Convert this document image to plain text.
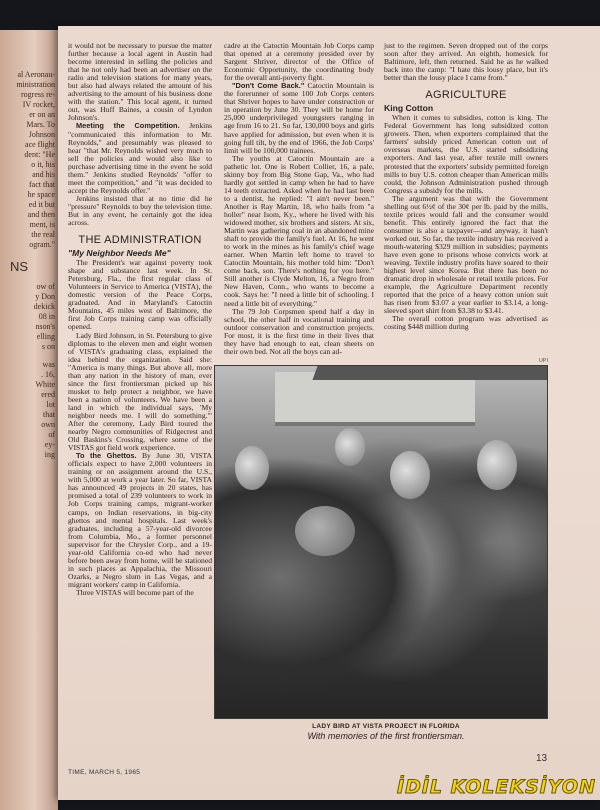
al Aeronau-
ministration
rogress re-
IV rocket,
er on an
Mars. To
Johnson
ace flight
dent: "He
o it, his
and his
fact that
he space
ed it but
and then
ment, is
the real
ogram."
NS
ow of
y Don
dekick
08 in
nson's
elling
s on
was
. 16,
White
ered
lot
that
own
of
ey-
ing

it would not be necessary to pursue the matter further because a local agent in Austin had become interested in selling the policies and that he not only had been an advertiser on the radio and television stations for many years, but also had always related the amount of his advertising to the amount of his business done with the station." This local agent, it turned out, was Huff Baines, a cousin of Lyndon Johnson's.

Meeting the Competition. Jenkins "communicated this information to Mr. Reynolds," and presumably was pleased to hear "that Mr. Reynolds wished very much to sell the policies and would also like to purchase advertising time in the event he sold them." Jenkins studied Reynolds' "offer to meet the competition," and "it was decided to accept the Reynolds offer."

Jenkins insisted that at no time did he "pressure" Reynolds to buy the television time. But in any event, he certainly got the idea across.

THE ADMINISTRATION
"My Neighbor Needs Me"

The President's war against poverty took shape and substance last week. In St. Petersburg, Fla., the first regular class of Volunteers in Service to America (VISTA), the domestic version of the Peace Corps, graduated. And in Maryland's Catoctin Mountains, 45 miles west of Baltimore, the first Job Corps training camp was officially opened.

Lady Bird Johnson, in St. Petersburg to give diplomas to the eleven men and eight women of VISTA's graduating class, explained the idea behind the organization. Said she: "America is many things. But above all, more than any nation in the history of man, ever since the first frontiersman picked up his musket to help protect a neighbor, we have been a nation of volunteers. We have been a land in which the individual says, 'My neighbor needs me. I will do something.'" After the ceremony, Lady Bird toured the nearby Negro communities of Ridgecrest and Old Baskins's Crossing, where some of the VISTAS got field work experience.

To the Ghettos. By June 30, VISTA officials expect to have 2,000 volunteers in training or on assignment around the U.S., with 5,000 at work a year later. So far, VISTA has announced 49 projects in 20 states, has promised a total of 239 volunteers to work in Job Corps training camps, migrant-worker camps, on Indian reservations, in big-city ghettos and mental hospitals. Last week's graduates, including a 57-year-old divorcee from Columbia, Mo., a former personnel supervisor for the Chrysler Corp., and a 19-year-old California co-ed who had never before been away from home, will be stationed in such places as Appalachia, the Missouri Ozarks, a Negro slum in Las Vegas, and a migrant workers' camp in California.

Three VISTAS will become part of the

TIME, MARCH 5, 1965

cadre at the Catoctin Mountain Job Corps camp that opened at a ceremony presided over by Sargent Shriver, director of the Office of Economic Opportunity, the coordinating body for the overall anti-poverty fight.

"Don't Come Back." Catoctin Mountain is the forerunner of some 100 Job Corps centers that Shriver hopes to have under construction or in operation by June 30. They will be home for 25,000 underprivileged youngsters ranging in age from 16 to 21. So far, 130,000 boys and girls have applied for admission, but even when it is going full tilt, by the end of 1966, the Job Corps' limit will be 100,000 trainees.

The youths at Catoctin Mountain are a pathetic lot. One is Robert Collier, 16, a pale, skinny boy from Big Stone Gap, Va., who had hardly got settled in camp when he had to have 14 teeth extracted. Asked when he had last been to a dentist, he replied: "I ain't never been." Another is Ray Martin, 18, who hails from "a holler" near Isom, Ky., where he lived with his widowed mother, six brothers and sisters. At six, Martin was gathering coal in an abandoned mine shaft to provide the family's fuel. At 16, he went to work in the mines as his family's chief wage earner. When Martin left home to travel to Catoctin Mountain, his mother told him: "Don't come back, son. There's nothing for you here." Still another is Clyde Melton, 16, a Negro from New Haven, Conn., who wants to become a cook. Says he: "I need a little bit of schooling. I need a little bit of everything."

The 79 Job Corpsmen spend half a day in school, the other half in vocational training and outdoor conservation and construction projects. For most, it is the first time in their lives that they have had enough to eat, clean sheets on their own bed. Not all the boys can ad-

just to the regimen. Seven dropped out of the corps soon after they arrived. An eighth, homesick for Baltimore, left, then returned. Said he as he walked back into the camp: "I hate this lousy place, but it's better than the lousy place I came from."

AGRICULTURE
King Cotton

When it comes to subsidies, cotton is king. The Federal Government has long subsidized cotton growers. Then, when exporters complained that the farmers' subsidy priced American cotton out of overseas markets, the U.S. started subsidizing exporters. And last year, after textile mill owners protested that the exporters' subsidy permitted foreign mills to buy U.S. cotton cheaper than American mills could, the Johnson Administration pushed through Congress a subsidy for the mills.

The argument was that with the Government shelling out 6½¢ of the 30¢ per lb. paid by the mills, textile prices would fall and the consumer would benefit. This entirely ignored the fact that the consumer is also a taxpayer—and anyway, it hasn't worked out. So far, the textile industry has received a mouth-watering $329 million in subsidies; payments have even gone to prisons whose convicts work at weaving. Textile industry profits have soared to their highest level since Korea. But there has been no dramatic drop in wholesale or retail textile prices. For example, the Agriculture Department recently reported that the price of a heavy cotton union suit has risen from $3.07 a year earlier to $3.14, a long-sleeved sport shirt from $3.38 to $3.41.

The overall cotton program was advertised as costing $448 million during

UPI
LADY BIRD AT VISTA PROJECT IN FLORIDA
With memories of the first frontiersman.
13
İDİL KOLEKSİYON
